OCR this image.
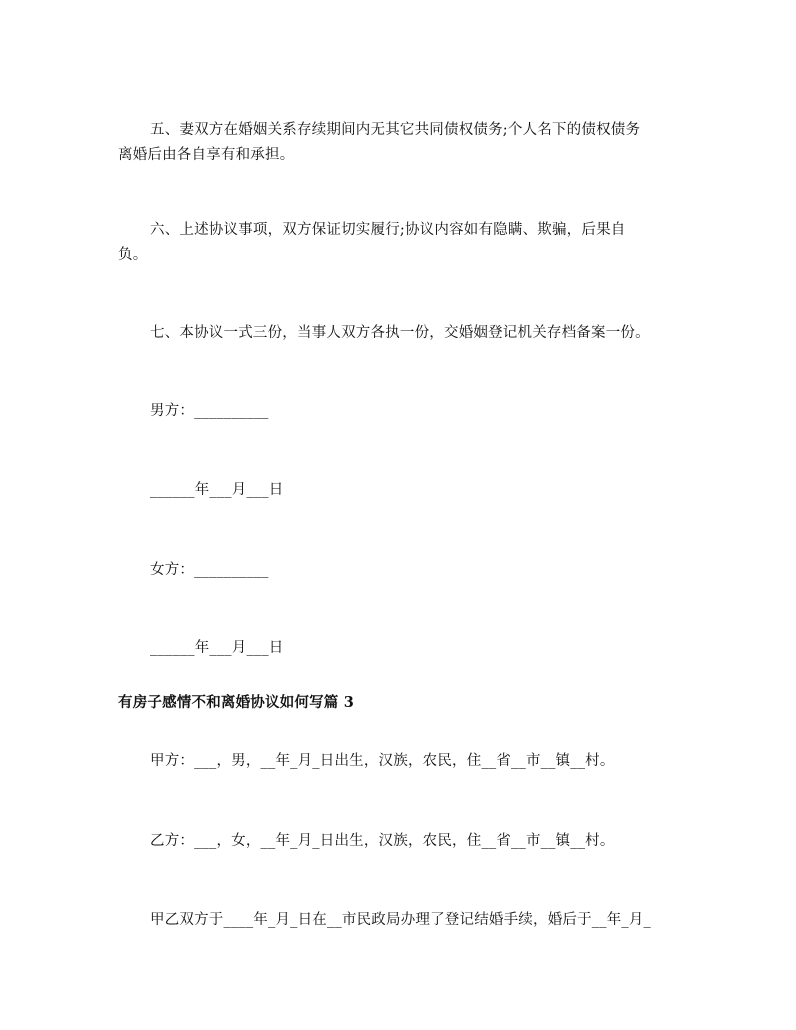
五、妻双方在婚姻关系存续期间内无其它共同债权债务;个人名下的债权债务
离婚后由各自享有和承担。
六、上述协议事项，双方保证切实履行;协议内容如有隐瞒、欺骗，后果自
负。
七、本协议一式三份，当事人双方各执一份，交婚姻登记机关存档备案一份。
男方：__________
______年___月___日
女方：__________
______年___月___日
有房子感情不和离婚协议如何写篇 3
甲方：___，男，__年_月_日出生，汉族，农民，住__省__市__镇__村。
乙方：___，女，__年_月_日出生，汉族，农民，住__省__市__镇__村。
甲乙双方于____年_月_日在__市民政局办理了登记结婚手续，婚后于__年_月_
